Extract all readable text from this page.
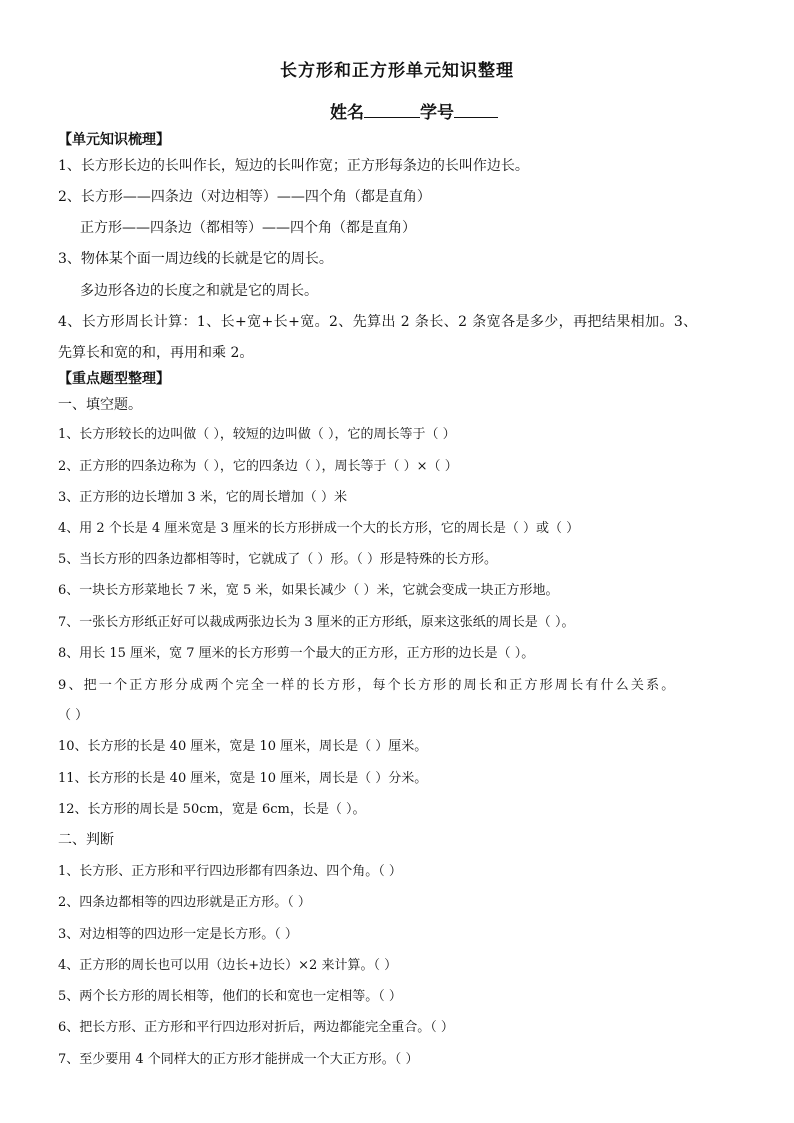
长方形和正方形单元知识整理
姓名	学号
【单元知识梳理】
1、长方形长边的长叫作长，短边的长叫作宽；正方形每条边的长叫作边长。
2、长方形——四条边（对边相等）——四个角（都是直角）
正方形——四条边（都相等）——四个角（都是直角）
3、物体某个面一周边线的长就是它的周长。
多边形各边的长度之和就是它的周长。
4、长方形周长计算：1、长+宽+长+宽。2、先算出 2 条长、2 条宽各是多少，再把结果相加。3、
先算长和宽的和，再用和乘 2。
【重点题型整理】
一、填空题。
1、长方形较长的边叫做（ ），较短的边叫做（ ），它的周长等于（ ）
2、正方形的四条边称为（ ），它的四条边（ ），周长等于（ ）×（ ）
3、正方形的边长增加 3 米，它的周长增加（ ）米
4、用 2 个长是 4 厘米宽是 3 厘米的长方形拼成一个大的长方形，它的周长是（ ）或（ ）
5、当长方形的四条边都相等时，它就成了（ ）形。（ ）形是特殊的长方形。
6、一块长方形菜地长 7 米，宽 5 米，如果长减少（ ）米，它就会变成一块正方形地。
7、一张长方形纸正好可以裁成两张边长为 3 厘米的正方形纸，原来这张纸的周长是（ ）。
8、用长 15 厘米，宽 7 厘米的长方形剪一个最大的正方形，正方形的边长是（ ）。
9、把一个正方形分成两个完全一样的长方形，每个长方形的周长和正方形周长有什么关系。
（ ）
10、长方形的长是 40 厘米，宽是 10 厘米，周长是（ ）厘米。
11、长方形的长是 40 厘米，宽是 10 厘米，周长是（ ）分米。
12、长方形的周长是 50cm，宽是 6cm，长是（ ）。
二、判断
1、长方形、正方形和平行四边形都有四条边、四个角。（ ）
2、四条边都相等的四边形就是正方形。（ ）
3、对边相等的四边形一定是长方形。（ ）
4、正方形的周长也可以用（边长+边长）×2 来计算。（ ）
5、两个长方形的周长相等，他们的长和宽也一定相等。（ ）
6、把长方形、正方形和平行四边形对折后，两边都能完全重合。（ ）
7、至少要用 4 个同样大的正方形才能拼成一个大正方形。（ ）
